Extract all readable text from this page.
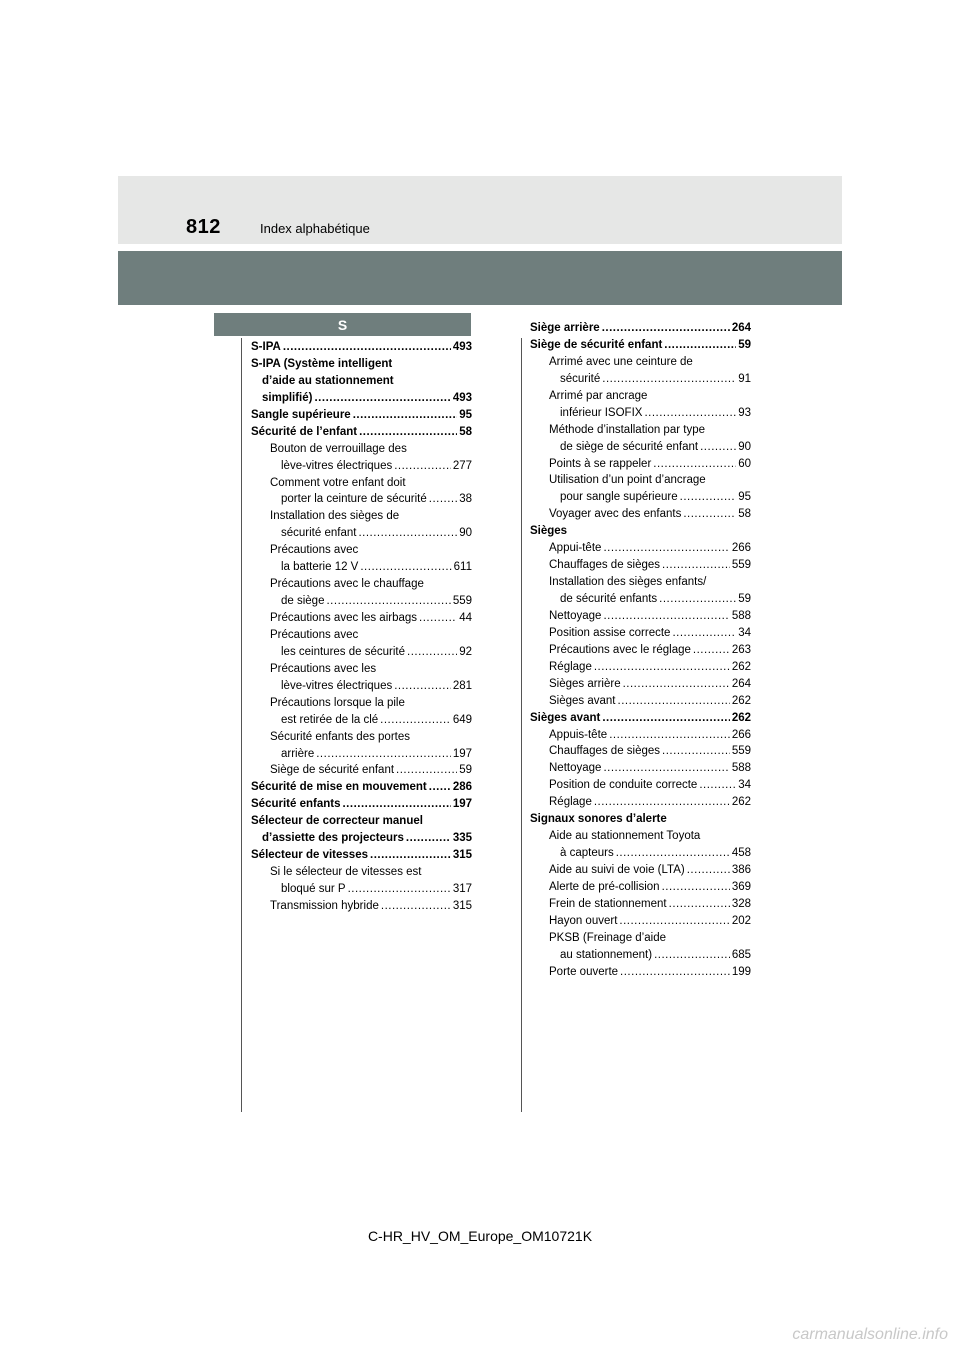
812	Index alphabétique
S
S-IPA .....	493
S-IPA (Système intelligent
d’aide au stationnement
simplifié) .....	493
Sangle supérieure .....	95
Sécurité de l’enfant .....	58
Bouton de verrouillage des
lève-vitres électriques .....	277
Comment votre enfant doit
porter la ceinture de sécurité .....	38
Installation des sièges de
sécurité enfant .....	90
Précautions avec
la batterie 12 V .....	611
Précautions avec le chauffage
de siège .....	559
Précautions avec les airbags .....	44
Précautions avec
les ceintures de sécurité .....	92
Précautions avec les
lève-vitres électriques .....	281
Précautions lorsque la pile
est retirée de la clé .....	649
Sécurité enfants des portes
arrière .....	197
Siège de sécurité enfant .....	59
Sécurité de mise en mouvement ..... 286
Sécurité enfants .....	197
Sélecteur de correcteur manuel
d’assiette des projecteurs .....	335
Sélecteur de vitesses .....	315
Si le sélecteur de vitesses est
bloqué sur P .....	317
Transmission hybride .....	315
Siège arrière .....	264
Siège de sécurité enfant .....	59
Arrimé avec une ceinture de
sécurité .....	91
Arrimé par ancrage
inférieur ISOFIX .....	93
Méthode d’installation par type
de siège de sécurité enfant .....	90
Points à se rappeler .....	60
Utilisation d’un point d’ancrage
pour sangle supérieure .....	95
Voyager avec des enfants .....	58
Sièges
Appui-tête .....	266
Chauffages de sièges .....	559
Installation des sièges enfants/
de sécurité enfants .....	59
Nettoyage .....	588
Position assise correcte .....	34
Précautions avec le réglage .....	263
Réglage .....	262
Sièges arrière .....	264
Sièges avant .....	262
Sièges avant .....	262
Appuis-tête .....	266
Chauffages de sièges .....	559
Nettoyage .....	588
Position de conduite correcte .....	34
Réglage .....	262
Signaux sonores d’alerte
Aide au stationnement Toyota
à capteurs .....	458
Aide au suivi de voie (LTA) .....	386
Alerte de pré-collision .....	369
Frein de stationnement .....	328
Hayon ouvert .....	202
PKSB (Freinage d’aide
au stationnement) .....	685
Porte ouverte .....	199
C-HR_HV_OM_Europe_OM10721K
carmanualsonline.info
